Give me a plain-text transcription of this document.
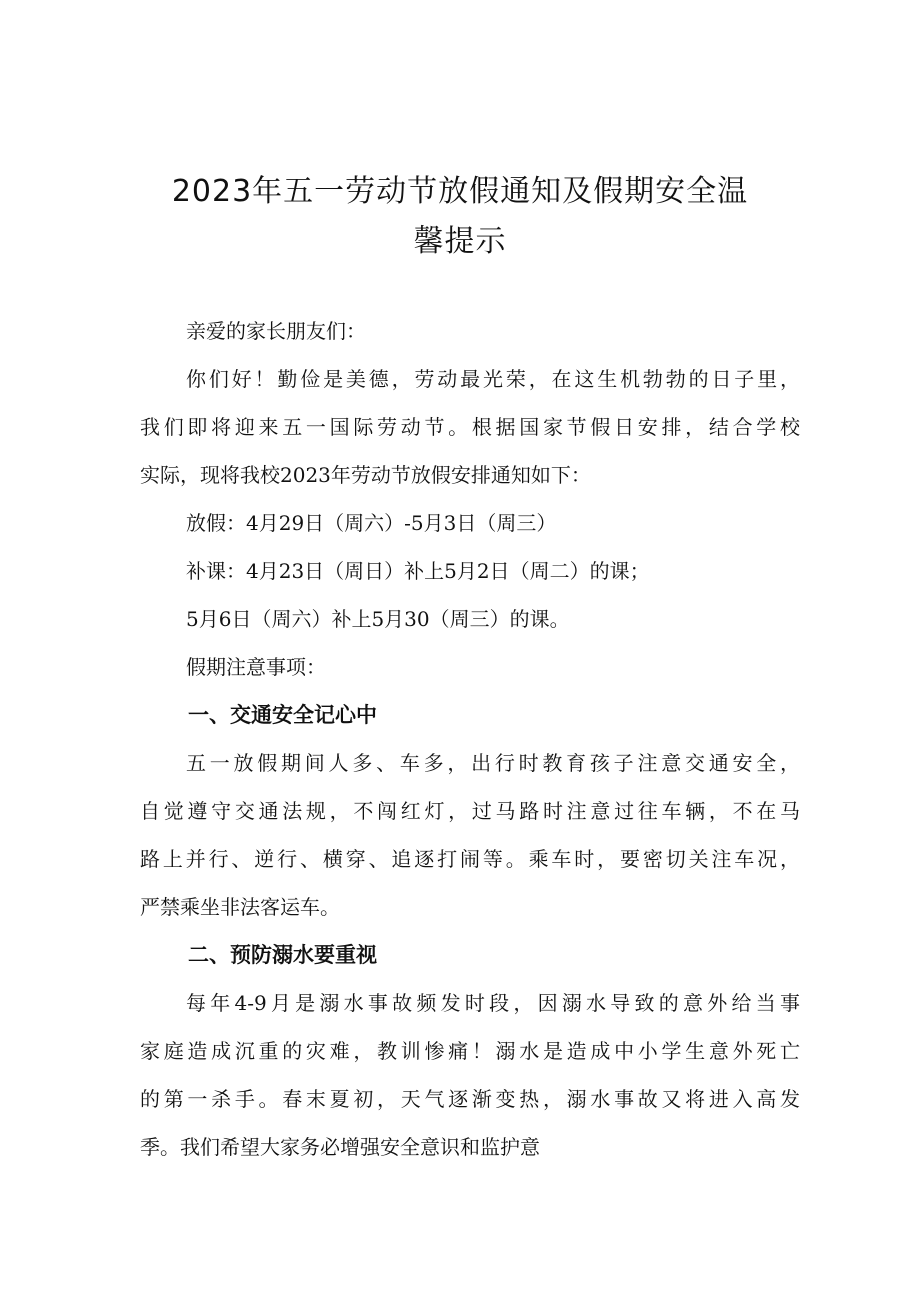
2023年五一劳动节放假通知及假期安全温
馨提示

亲爱的家长朋友们：

你们好！勤俭是美德，劳动最光荣，在这生机勃勃的日子里，

我们即将迎来五一国际劳动节。根据国家节假日安排，结合学校

实际，现将我校2023年劳动节放假安排通知如下：

放假：4月29日（周六）-5月3日（周三）

补课：4月23日（周日）补上5月2日（周二）的课；

5月6日（周六）补上5月30（周三）的课。

假期注意事项：

一、交通安全记心中

五一放假期间人多、车多，出行时教育孩子注意交通安全，

自觉遵守交通法规，不闯红灯，过马路时注意过往车辆，不在马

路上并行、逆行、横穿、追逐打闹等。乘车时，要密切关注车况，

严禁乘坐非法客运车。

二、预防溺水要重视

每年4-9月是溺水事故频发时段，因溺水导致的意外给当事

家庭造成沉重的灾难，教训惨痛！溺水是造成中小学生意外死亡

的第一杀手。春末夏初，天气逐渐变热，溺水事故又将进入高发

季。我们希望大家务必增强安全意识和监护意
